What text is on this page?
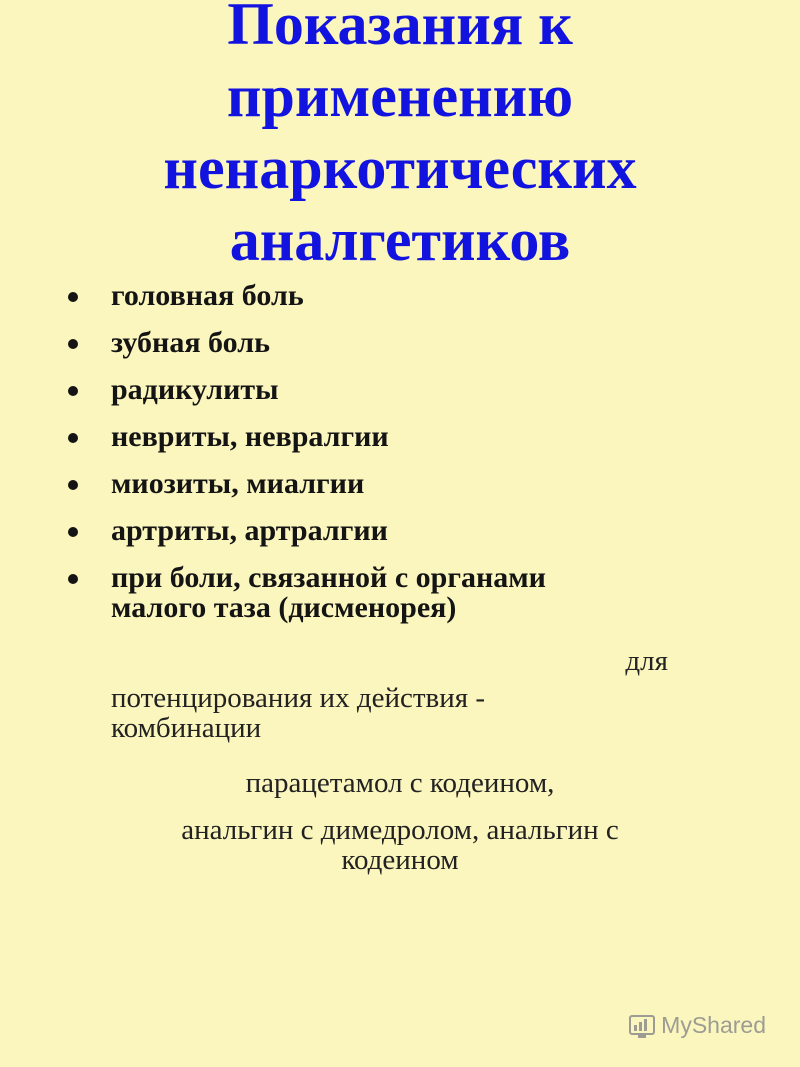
Показания к
применению
ненаркотических
аналгетиков
головная боль
зубная боль
радикулиты
невриты, невралгии
миозиты, миалгии
артриты, артралгии
при боли, связанной с органами
малого таза (дисменорея)
для
потенцирования их действия -
комбинации
парацетамол с кодеином,
анальгин с димедролом, анальгин с
кодеином
MyShared
